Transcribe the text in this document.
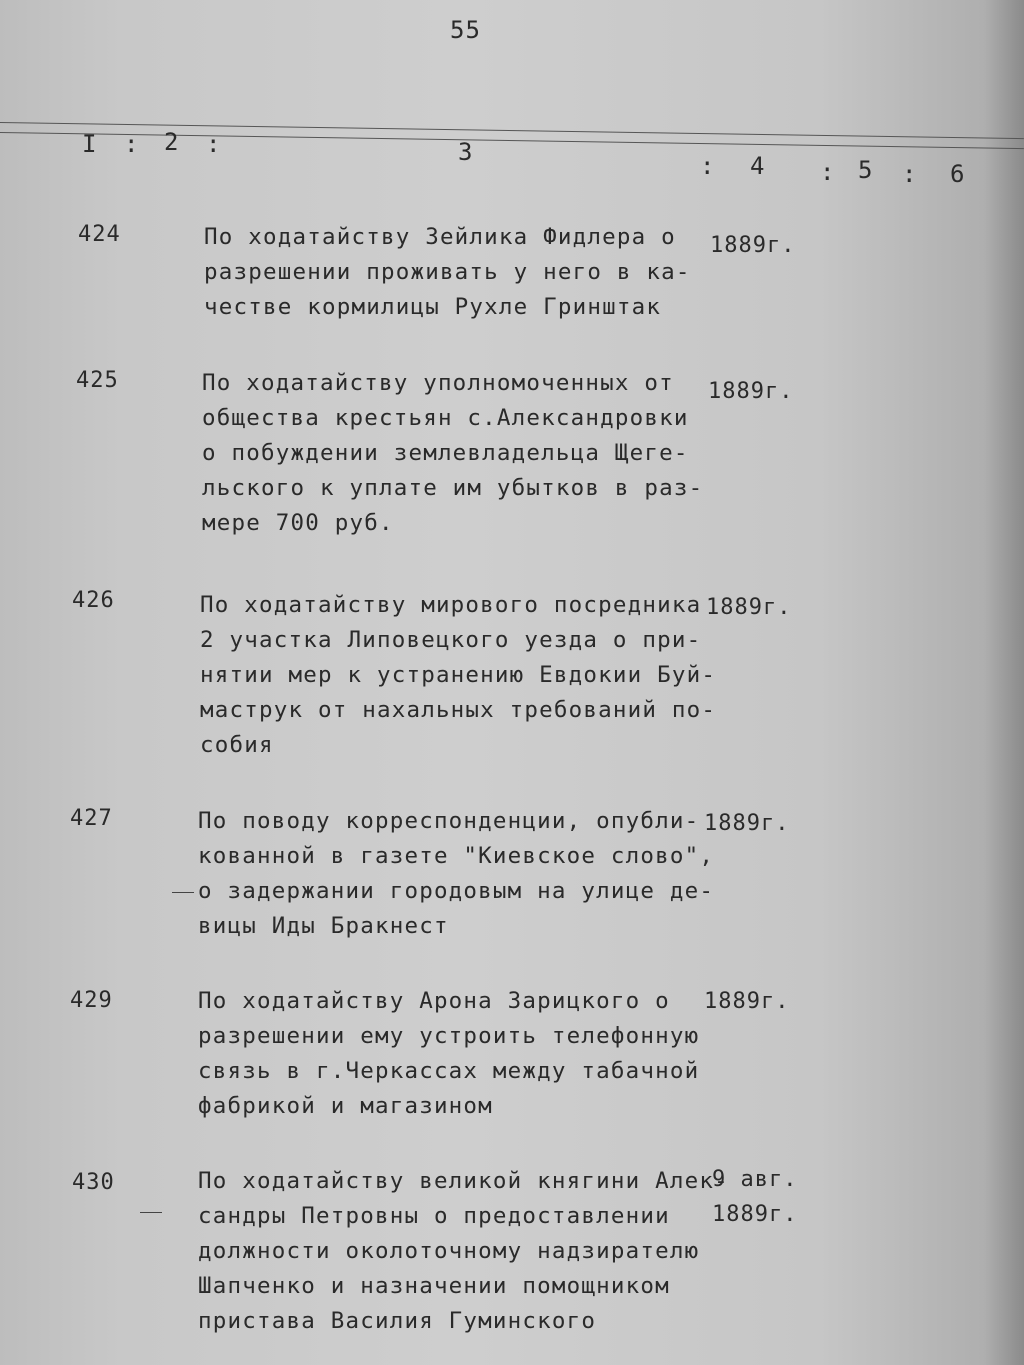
55
I : 2 :	3	: 4 : 5 : 6
424	По ходатайству Зейлика Фидлера о
разрешении проживать у него в ка-
честве кормилицы Рухле Гринштак
1889г.
425	По ходатайству уполномоченных от
общества крестьян с.Александровки
о побуждении землевладельца Щеге-
льского к уплате им убытков в раз-
мере 700 руб.
1889г.
426	По ходатайству мирового посредника
2 участка Липовецкого уезда о при-
нятии мер к устранению Евдокии Буй-
маструк от нахальных требований по-
собия
1889г.
427	По поводу корреспонденции, опубли-
кованной в газете "Киевское слово",
о задержании городовым на улице де-
вицы Иды Бракнест
1889г.
429	По ходатайству Арона Зарицкого о
разрешении ему устроить телефонную
связь в г.Черкассах между табачной
фабрикой и магазином
1889г.
430	По ходатайству великой княгини Алек-
сандры Петровны о предоставлении
должности околоточному надзирателю
Шапченко и назначении помощником
пристава Василия Гуминского
9 авг.
1889г.
